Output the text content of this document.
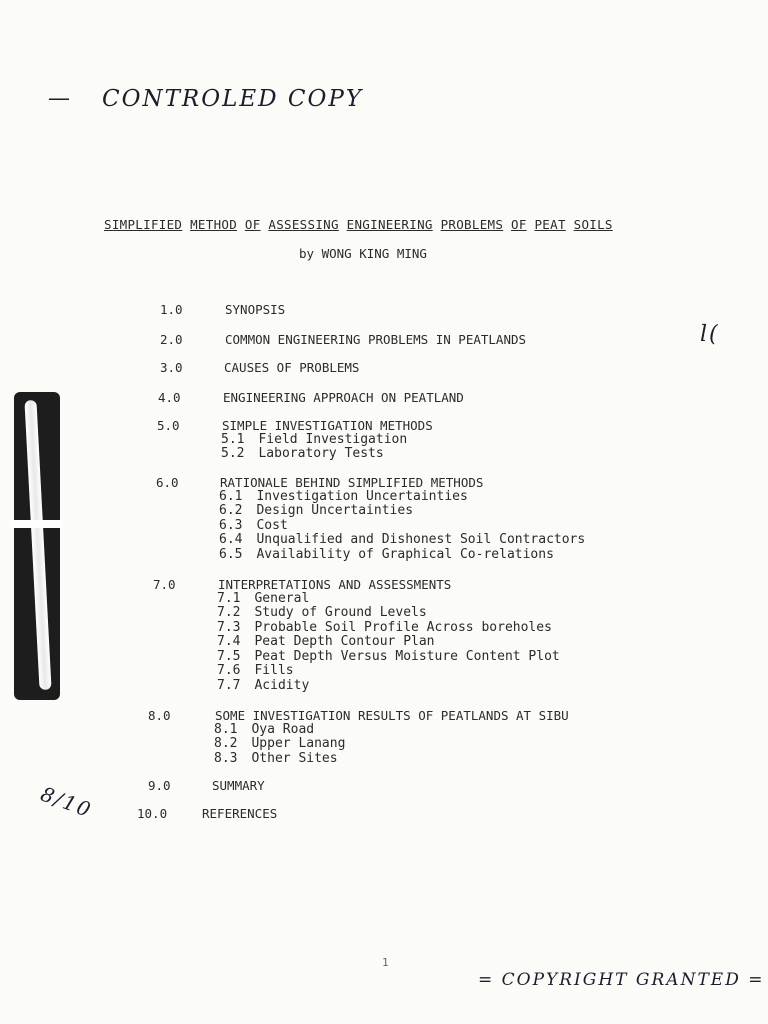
— CONTROLED COPY
l(
8/10
= COPYRIGHT GRANTED =
SIMPLIFIED METHOD OF ASSESSING ENGINEERING PROBLEMS OF PEAT SOILS
by WONG KING MING
1.0	SYNOPSIS
2.0	COMMON ENGINEERING PROBLEMS IN PEATLANDS
3.0	CAUSES OF PROBLEMS
4.0	ENGINEERING APPROACH ON PEATLAND
5.0	SIMPLE INVESTIGATION METHODS
5.1 Field Investigation
5.2 Laboratory Tests
6.0	RATIONALE BEHIND SIMPLIFIED METHODS
6.1 Investigation Uncertainties
6.2 Design Uncertainties
6.3 Cost
6.4 Unqualified and Dishonest Soil Contractors
6.5 Availability of Graphical Co-relations
7.0	INTERPRETATIONS AND ASSESSMENTS
7.1 General
7.2 Study of Ground Levels
7.3 Probable Soil Profile Across boreholes
7.4 Peat Depth Contour Plan
7.5 Peat Depth Versus Moisture Content Plot
7.6 Fills
7.7 Acidity
8.0	SOME INVESTIGATION RESULTS OF PEATLANDS AT SIBU
8.1 Oya Road
8.2 Upper Lanang
8.3 Other Sites
9.0	SUMMARY
10.0	REFERENCES
1
